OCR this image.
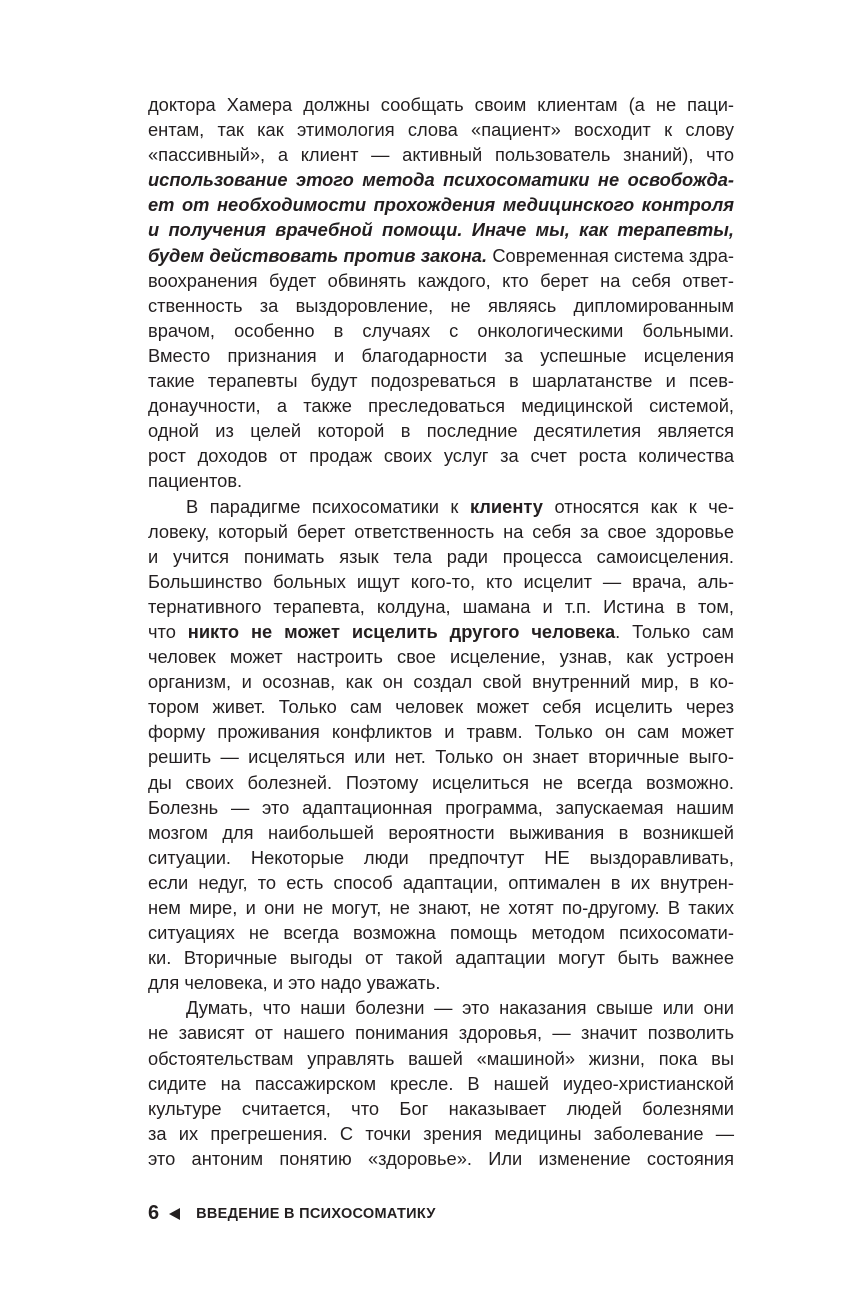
доктора Хамера должны сообщать своим клиентам (а не паци-
ентам, так как этимология слова «пациент» восходит к слову
«пассивный», а клиент — активный пользователь знаний), что
использование этого метода психосоматики не освобожда-
ет от необходимости прохождения медицинского контроля
и получения врачебной помощи. Иначе мы, как терапевты,
будем действовать против закона. Современная система здра-
воохранения будет обвинять каждого, кто берет на себя ответ-
ственность за выздоровление, не являясь дипломированным
врачом, особенно в случаях с онкологическими больными.
Вместо признания и благодарности за успешные исцеления
такие терапевты будут подозреваться в шарлатанстве и псев-
донаучности, а также преследоваться медицинской системой,
одной из целей которой в последние десятилетия является
рост доходов от продаж своих услуг за счет роста количества
пациентов.
В парадигме психосоматики к клиенту относятся как к че-
ловеку, который берет ответственность на себя за свое здоровье
и учится понимать язык тела ради процесса самоисцеления.
Большинство больных ищут кого-то, кто исцелит — врача, аль-
тернативного терапевта, колдуна, шамана и т.п. Истина в том,
что никто не может исцелить другого человека. Только сам
человек может настроить свое исцеление, узнав, как устроен
организм, и осознав, как он создал свой внутренний мир, в ко-
тором живет. Только сам человек может себя исцелить через
форму проживания конфликтов и травм. Только он сам может
решить — исцеляться или нет. Только он знает вторичные выго-
ды своих болезней. Поэтому исцелиться не всегда возможно.
Болезнь — это адаптационная программа, запускаемая нашим
мозгом для наибольшей вероятности выживания в возникшей
ситуации. Некоторые люди предпочтут НЕ выздоравливать,
если недуг, то есть способ адаптации, оптимален в их внутрен-
нем мире, и они не могут, не знают, не хотят по-другому. В таких
ситуациях не всегда возможна помощь методом психосомати-
ки. Вторичные выгоды от такой адаптации могут быть важнее
для человека, и это надо уважать.
Думать, что наши болезни — это наказания свыше или они
не зависят от нашего понимания здоровья, — значит позволить
обстоятельствам управлять вашей «машиной» жизни, пока вы
сидите на пассажирском кресле. В нашей иудео-христианской
культуре считается, что Бог наказывает людей болезнями
за их прегрешения. С точки зрения медицины заболевание —
это антоним понятию «здоровье». Или изменение состояния
6	ВВЕДЕНИЕ В ПСИХОСОМАТИКУ
